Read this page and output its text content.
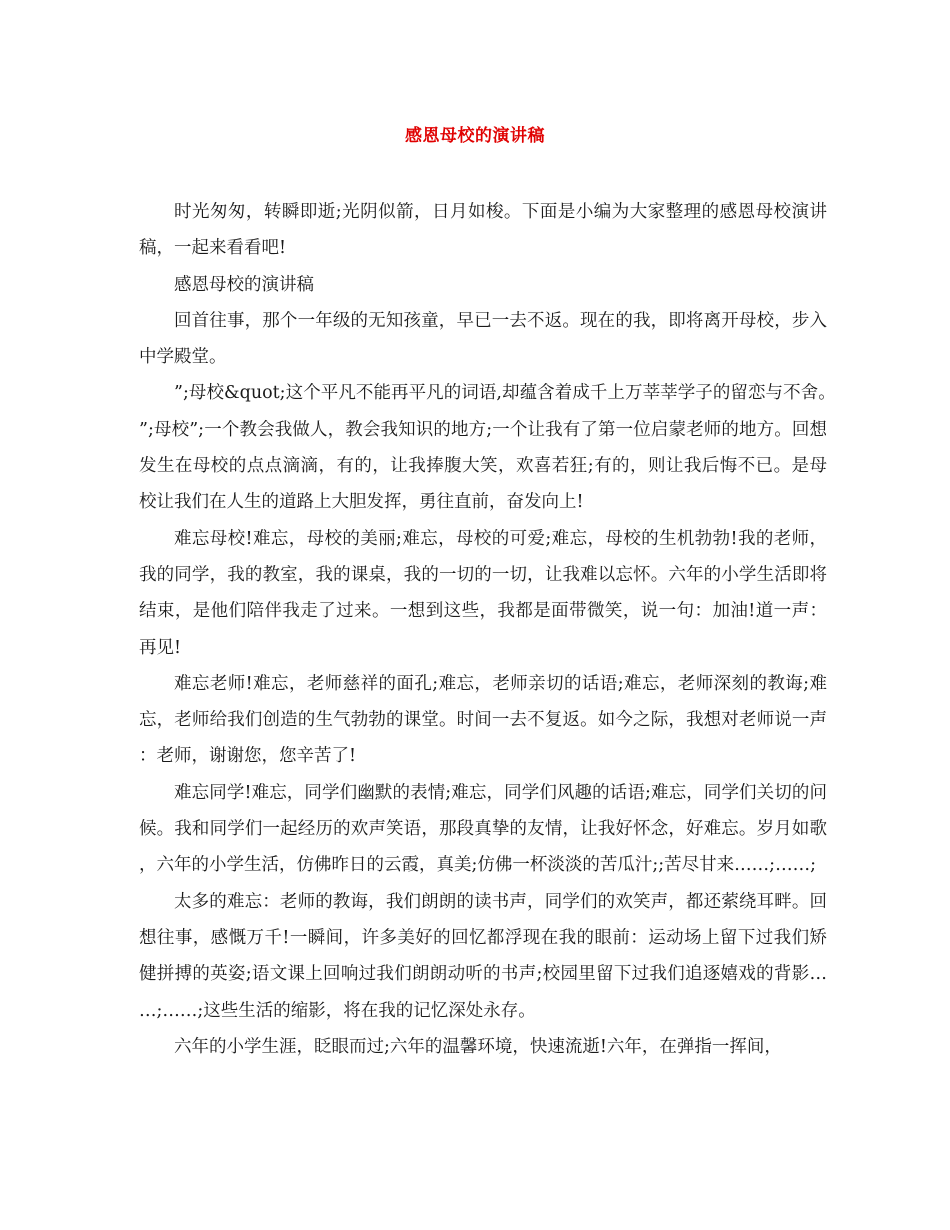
感恩母校的演讲稿

时光匆匆，转瞬即逝;光阴似箭，日月如梭。下面是小编为大家整理的感恩母校演讲稿，一起来看看吧!

感恩母校的演讲稿

回首往事，那个一年级的无知孩童，早已一去不返。现在的我，即将离开母校，步入中学殿堂。

”;母校&quot;这个平凡不能再平凡的词语,却蕴含着成千上万莘莘学子的留恋与不舍。”;母校”;一个教会我做人，教会我知识的地方;一个让我有了第一位启蒙老师的地方。回想发生在母校的点点滴滴，有的，让我捧腹大笑，欢喜若狂;有的，则让我后悔不已。是母校让我们在人生的道路上大胆发挥，勇往直前，奋发向上!

难忘母校!难忘，母校的美丽;难忘，母校的可爱;难忘，母校的生机勃勃!我的老师，我的同学，我的教室，我的课桌，我的一切的一切，让我难以忘怀。六年的小学生活即将结束，是他们陪伴我走了过来。一想到这些，我都是面带微笑，说一句：加油!道一声：再见!

难忘老师!难忘，老师慈祥的面孔;难忘，老师亲切的话语;难忘，老师深刻的教诲;难忘，老师给我们创造的生气勃勃的课堂。时间一去不复返。如今之际，我想对老师说一声：老师，谢谢您，您辛苦了!

难忘同学!难忘，同学们幽默的表情;难忘，同学们风趣的话语;难忘，同学们关切的问候。我和同学们一起经历的欢声笑语，那段真挚的友情，让我好怀念，好难忘。岁月如歌，六年的小学生活，仿佛昨日的云霞，真美;仿佛一杯淡淡的苦瓜汁;;苦尽甘来……;……;

太多的难忘：老师的教诲，我们朗朗的读书声，同学们的欢笑声，都还萦绕耳畔。回想往事，感慨万千!一瞬间，许多美好的回忆都浮现在我的眼前：运动场上留下过我们矫健拼搏的英姿;语文课上回响过我们朗朗动听的书声;校园里留下过我们追逐嬉戏的背影……;……;这些生活的缩影，将在我的记忆深处永存。

六年的小学生涯，眨眼而过;六年的温馨环境，快速流逝!六年，在弹指一挥间，
